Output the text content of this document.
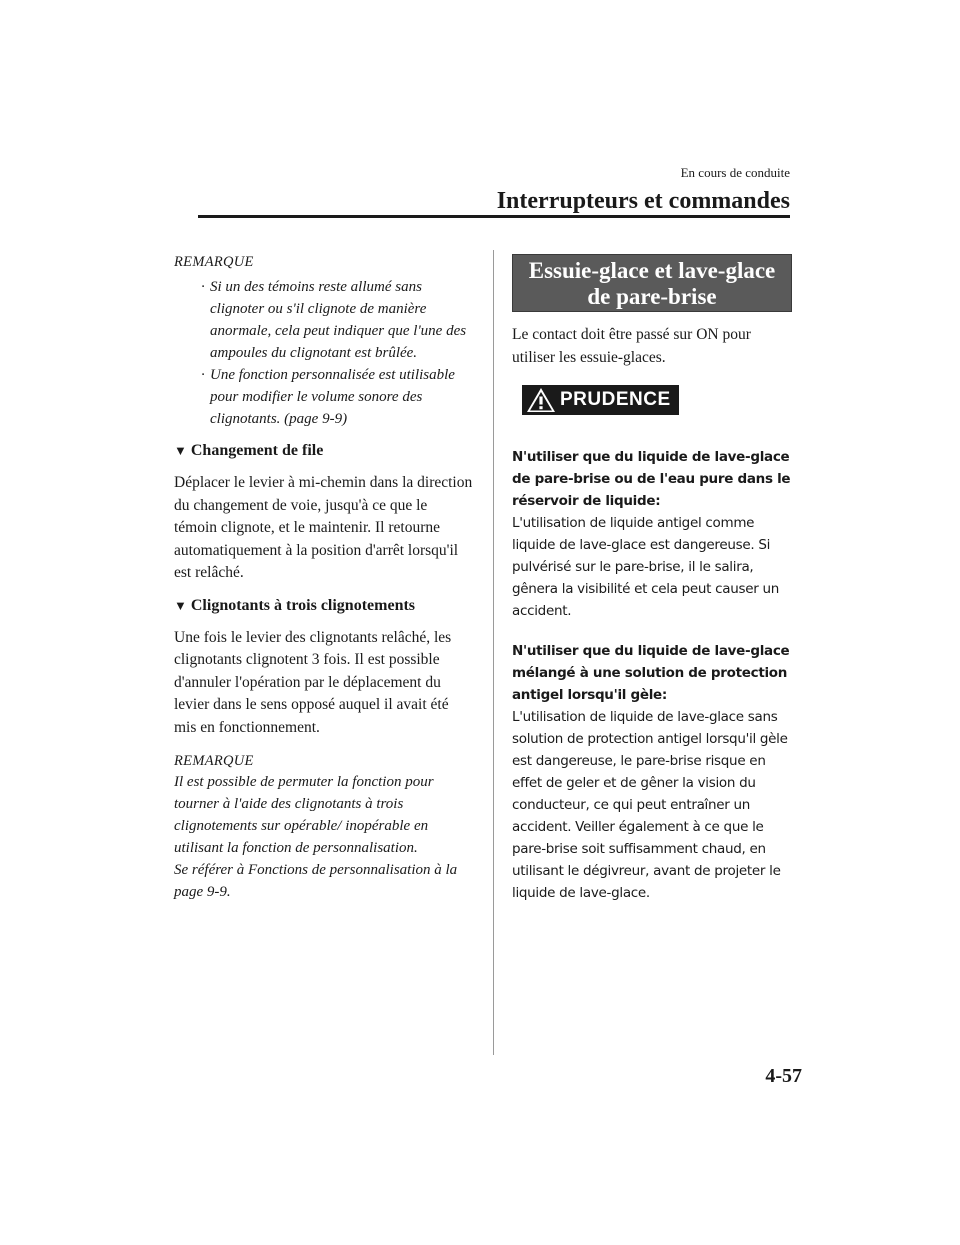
En cours de conduite
Interrupteurs et commandes
REMARQUE
· Si un des témoins reste allumé sans clignoter ou s'il clignote de manière anormale, cela peut indiquer que l'une des ampoules du clignotant est brûlée.
· Une fonction personnalisée est utilisable pour modifier le volume sonore des clignotants. (page 9-9)
▼ Changement de file
Déplacer le levier à mi-chemin dans la direction du changement de voie, jusqu'à ce que le témoin clignote, et le maintenir. Il retourne automatiquement à la position d'arrêt lorsqu'il est relâché.
▼ Clignotants à trois clignotements
Une fois le levier des clignotants relâché, les clignotants clignotent 3 fois. Il est possible d'annuler l'opération par le déplacement du levier dans le sens opposé auquel il avait été mis en fonctionnement.
REMARQUE
Il est possible de permuter la fonction pour tourner à l'aide des clignotants à trois clignotements sur opérable/ inopérable en utilisant la fonction de personnalisation.
Se référer à Fonctions de personnalisation à la page 9-9.
Essuie-glace et lave-glace
de pare-brise
Le contact doit être passé sur ON pour utiliser les essuie-glaces.
PRUDENCE
N'utiliser que du liquide de lave-glace de pare-brise ou de l'eau pure dans le réservoir de liquide:
L'utilisation de liquide antigel comme liquide de lave-glace est dangereuse. Si pulvérisé sur le pare-brise, il le salira, gênera la visibilité et cela peut causer un accident.
N'utiliser que du liquide de lave-glace mélangé à une solution de protection antigel lorsqu'il gèle:
L'utilisation de liquide de lave-glace sans solution de protection antigel lorsqu'il gèle est dangereuse, le pare-brise risque en effet de geler et de gêner la vision du conducteur, ce qui peut entraîner un accident. Veiller également à ce que le pare-brise soit suffisamment chaud, en utilisant le dégivreur, avant de projeter le liquide de lave-glace.
4-57
